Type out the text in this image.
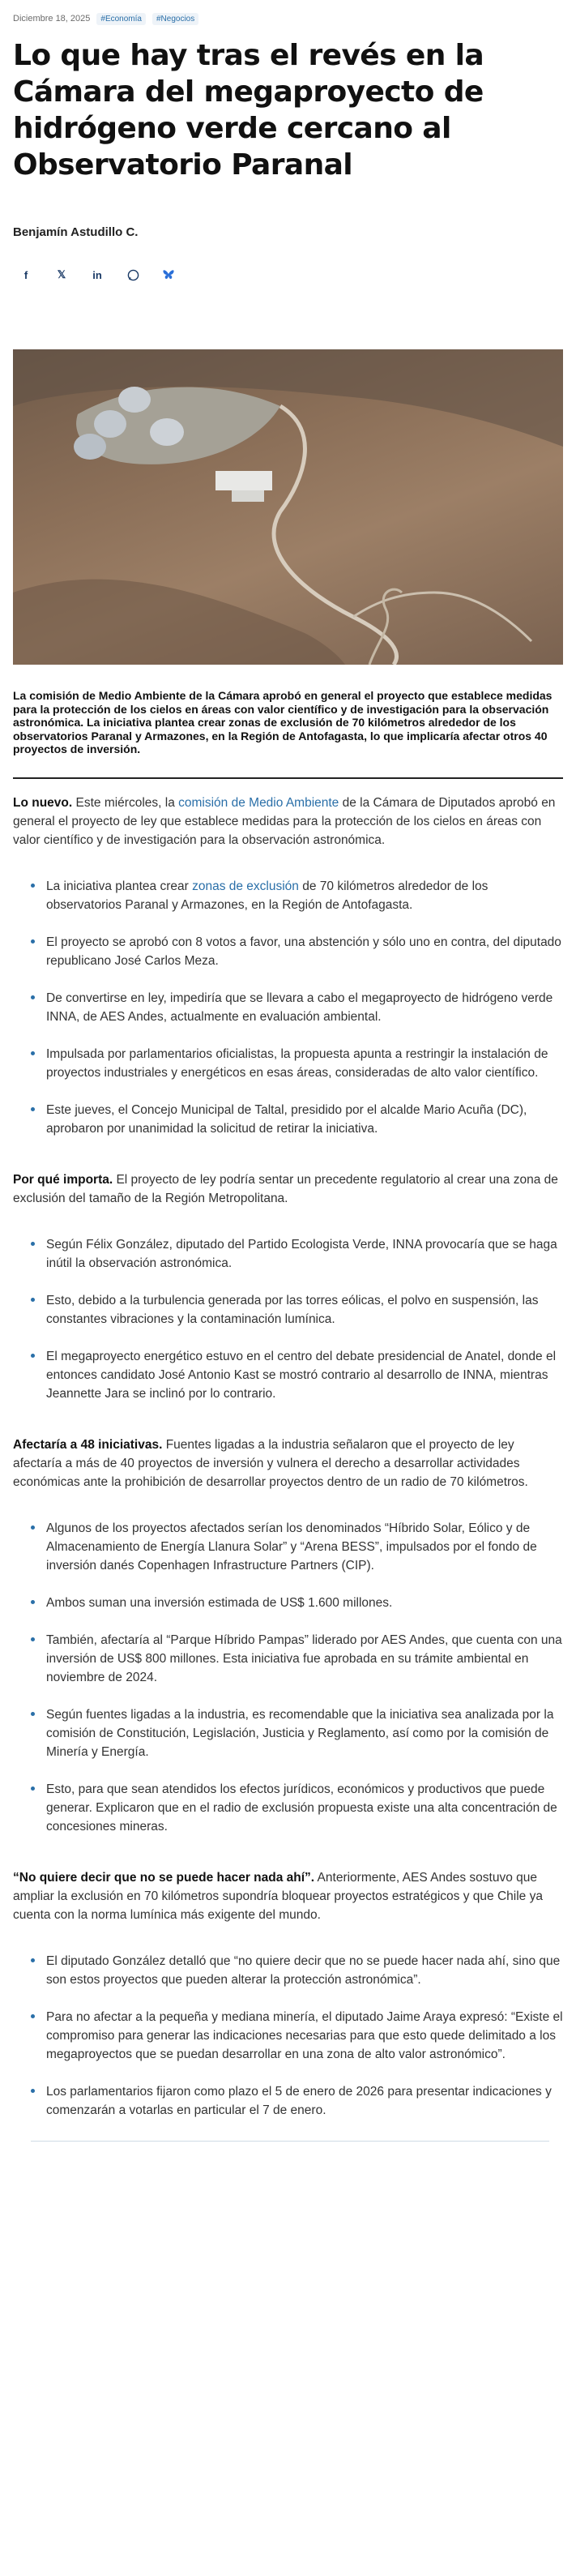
Diciembre 18, 2025	#Economía	#Negocios
Lo que hay tras el revés en la Cámara del megaproyecto de hidrógeno verde cercano al Observatorio Paranal
Benjamín Astudillo C.
f	𝕏	in

La comisión de Medio Ambiente de la Cámara aprobó en general el proyecto que establece medidas para la protección de los cielos en áreas con valor científico y de investigación para la observación astronómica. La iniciativa plantea crear zonas de exclusión de 70 kilómetros alrededor de los observatorios Paranal y Armazones, en la Región de Antofagasta, lo que implicaría afectar otros 40 proyectos de inversión.

Lo nuevo. Este miércoles, la comisión de Medio Ambiente de la Cámara de Diputados aprobó en general el proyecto de ley que establece medidas para la protección de los cielos en áreas con valor científico y de investigación para la observación astronómica.

La iniciativa plantea crear zonas de exclusión de 70 kilómetros alrededor de los observatorios Paranal y Armazones, en la Región de Antofagasta.
El proyecto se aprobó con 8 votos a favor, una abstención y sólo uno en contra, del diputado republicano José Carlos Meza.
De convertirse en ley, impediría que se llevara a cabo el megaproyecto de hidrógeno verde INNA, de AES Andes, actualmente en evaluación ambiental.
Impulsada por parlamentarios oficialistas, la propuesta apunta a restringir la instalación de proyectos industriales y energéticos en esas áreas, consideradas de alto valor científico.
Este jueves, el Concejo Municipal de Taltal, presidido por el alcalde Mario Acuña (DC), aprobaron por unanimidad la solicitud de retirar la iniciativa.

Por qué importa. El proyecto de ley podría sentar un precedente regulatorio al crear una zona de exclusión del tamaño de la Región Metropolitana.

Según Félix González, diputado del Partido Ecologista Verde, INNA provocaría que se haga inútil la observación astronómica.
Esto, debido a la turbulencia generada por las torres eólicas, el polvo en suspensión, las constantes vibraciones y la contaminación lumínica.
El megaproyecto energético estuvo en el centro del debate presidencial de Anatel, donde el entonces candidato José Antonio Kast se mostró contrario al desarrollo de INNA, mientras Jeannette Jara se inclinó por lo contrario.

Afectaría a 48 iniciativas. Fuentes ligadas a la industria señalaron que el proyecto de ley afectaría a más de 40 proyectos de inversión y vulnera el derecho a desarrollar actividades económicas ante la prohibición de desarrollar proyectos dentro de un radio de 70 kilómetros.

Algunos de los proyectos afectados serían los denominados “Híbrido Solar, Eólico y de Almacenamiento de Energía Llanura Solar” y “Arena BESS”, impulsados por el fondo de inversión danés Copenhagen Infrastructure Partners (CIP).
Ambos suman una inversión estimada de US$ 1.600 millones.
También, afectaría al “Parque Híbrido Pampas” liderado por AES Andes, que cuenta con una inversión de US$ 800 millones. Esta iniciativa fue aprobada en su trámite ambiental en noviembre de 2024.
Según fuentes ligadas a la industria, es recomendable que la iniciativa sea analizada por la comisión de Constitución, Legislación, Justicia y Reglamento, así como por la comisión de Minería y Energía.
Esto, para que sean atendidos los efectos jurídicos, económicos y productivos que puede generar. Explicaron que en el radio de exclusión propuesta existe una alta concentración de concesiones mineras.

“No quiere decir que no se puede hacer nada ahí”. Anteriormente, AES Andes sostuvo que ampliar la exclusión en 70 kilómetros supondría bloquear proyectos estratégicos y que Chile ya cuenta con la norma lumínica más exigente del mundo.

El diputado González detalló que “no quiere decir que no se puede hacer nada ahí, sino que son estos proyectos que pueden alterar la protección astronómica”.
Para no afectar a la pequeña y mediana minería, el diputado Jaime Araya expresó: “Existe el compromiso para generar las indicaciones necesarias para que esto quede delimitado a los megaproyectos que se puedan desarrollar en una zona de alto valor astronómico”.
Los parlamentarios fijaron como plazo el 5 de enero de 2026 para presentar indicaciones y comenzarán a votarlas en particular el 7 de enero.
